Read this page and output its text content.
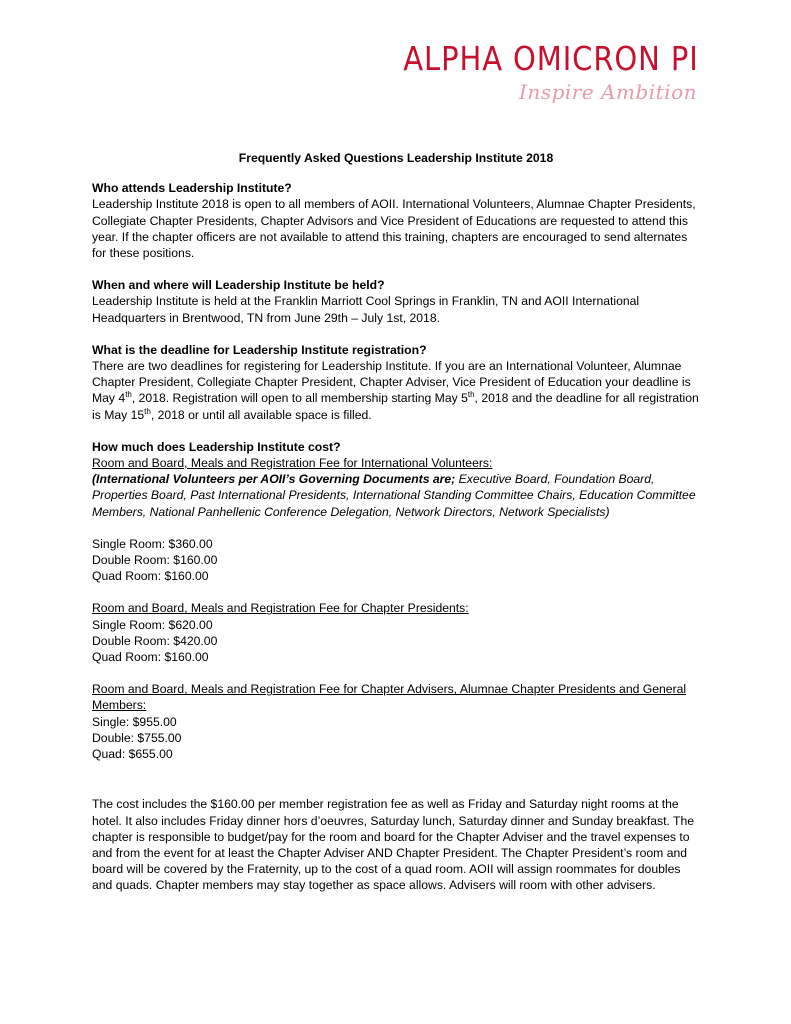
ALPHA OMICRON PI
Inspire Ambition

Frequently Asked Questions Leadership Institute 2018

Who attends Leadership Institute?

Leadership Institute 2018 is open to all members of AOII. International Volunteers, Alumnae Chapter Presidents, Collegiate Chapter Presidents, Chapter Advisors and Vice President of Educations are requested to attend this year. If the chapter officers are not available to attend this training, chapters are encouraged to send alternates for these positions.

When and where will Leadership Institute be held?

Leadership Institute is held at the Franklin Marriott Cool Springs in Franklin, TN and AOII International Headquarters in Brentwood, TN from June 29th – July 1st, 2018.

What is the deadline for Leadership Institute registration?

There are two deadlines for registering for Leadership Institute. If you are an International Volunteer, Alumnae Chapter President, Collegiate Chapter President, Chapter Adviser, Vice President of Education your deadline is May 4th, 2018. Registration will open to all membership starting May 5th, 2018 and the deadline for all registration is May 15th, 2018 or until all available space is filled.

How much does Leadership Institute cost?

Room and Board, Meals and Registration Fee for International Volunteers:

(International Volunteers per AOII’s Governing Documents are; Executive Board, Foundation Board, Properties Board, Past International Presidents, International Standing Committee Chairs, Education Committee Members, National Panhellenic Conference Delegation, Network Directors, Network Specialists)

Single Room: $360.00

Double Room: $160.00

Quad Room: $160.00

Room and Board, Meals and Registration Fee for Chapter Presidents:

Single Room: $620.00

Double Room: $420.00

Quad Room: $160.00

Room and Board, Meals and Registration Fee for Chapter Advisers, Alumnae Chapter Presidents and General Members:

Single: $955.00

Double: $755.00

Quad: $655.00

The cost includes the $160.00 per member registration fee as well as Friday and Saturday night rooms at the hotel. It also includes Friday dinner hors d’oeuvres, Saturday lunch, Saturday dinner and Sunday breakfast. The chapter is responsible to budget/pay for the room and board for the Chapter Adviser and the travel expenses to and from the event for at least the Chapter Adviser AND Chapter President. The Chapter President’s room and board will be covered by the Fraternity, up to the cost of a quad room. AOII will assign roommates for doubles and quads. Chapter members may stay together as space allows. Advisers will room with other advisers.
